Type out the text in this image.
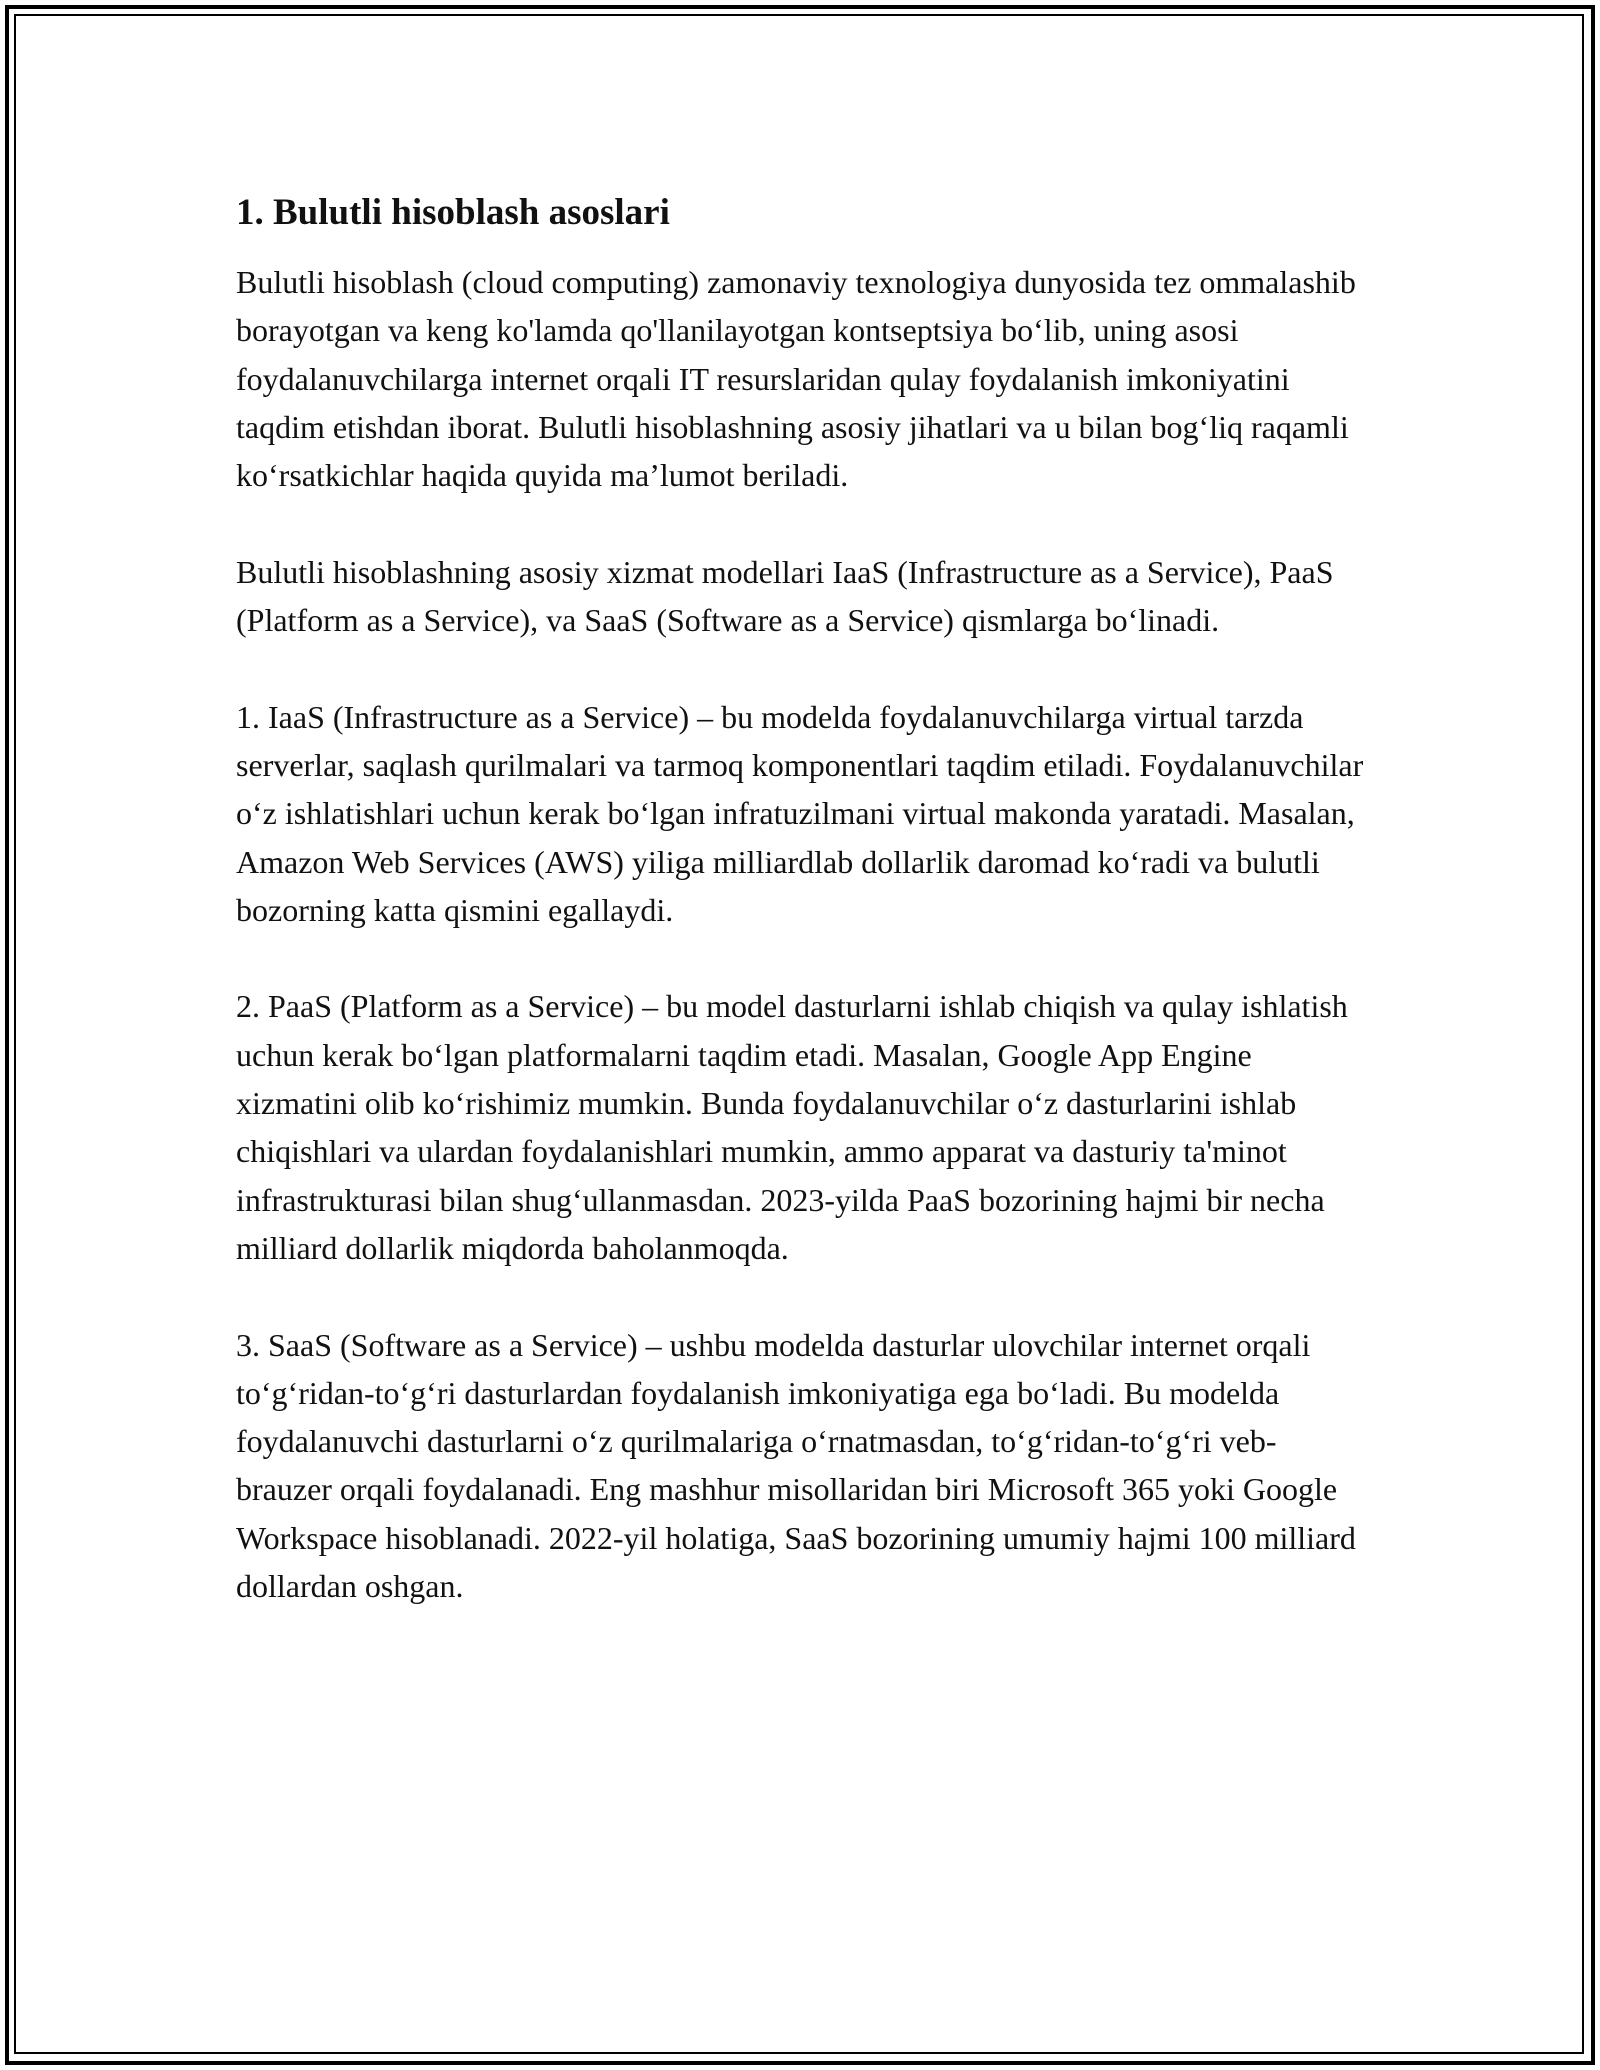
1. Bulutli hisoblash asoslari

Bulutli hisoblash (cloud computing) zamonaviy texnologiya dunyosida tez ommalashib borayotgan va keng ko'lamda qo'llanilayotgan kontseptsiya bo‘lib, uning asosi foydalanuvchilarga internet orqali IT resurslaridan qulay foydalanish imkoniyatini taqdim etishdan iborat. Bulutli hisoblashning asosiy jihatlari va u bilan bog‘liq raqamli ko‘rsatkichlar haqida quyida ma’lumot beriladi.

Bulutli hisoblashning asosiy xizmat modellari IaaS (Infrastructure as a Service), PaaS (Platform as a Service), va SaaS (Software as a Service) qismlarga bo‘linadi.

1. IaaS (Infrastructure as a Service) – bu modelda foydalanuvchilarga virtual tarzda serverlar, saqlash qurilmalari va tarmoq komponentlari taqdim etiladi. Foydalanuvchilar o‘z ishlatishlari uchun kerak bo‘lgan infratuzilmani virtual makonda yaratadi. Masalan, Amazon Web Services (AWS) yiliga milliardlab dollarlik daromad ko‘radi va bulutli bozorning katta qismini egallaydi.

2. PaaS (Platform as a Service) – bu model dasturlarni ishlab chiqish va qulay ishlatish uchun kerak bo‘lgan platformalarni taqdim etadi. Masalan, Google App Engine xizmatini olib ko‘rishimiz mumkin. Bunda foydalanuvchilar o‘z dasturlarini ishlab chiqishlari va ulardan foydalanishlari mumkin, ammo apparat va dasturiy ta'minot infrastrukturasi bilan shug‘ullanmasdan. 2023-yilda PaaS bozorining hajmi bir necha milliard dollarlik miqdorda baholanmoqda.

3. SaaS (Software as a Service) – ushbu modelda dasturlar ulovchilar internet orqali to‘g‘ridan-to‘g‘ri dasturlardan foydalanish imkoniyatiga ega bo‘ladi. Bu modelda foydalanuvchi dasturlarni o‘z qurilmalariga o‘rnatmasdan, to‘g‘ridan-to‘g‘ri veb-brauzer orqali foydalanadi. Eng mashhur misollaridan biri Microsoft 365 yoki Google Workspace hisoblanadi. 2022-yil holatiga, SaaS bozorining umumiy hajmi 100 milliard dollardan oshgan.
